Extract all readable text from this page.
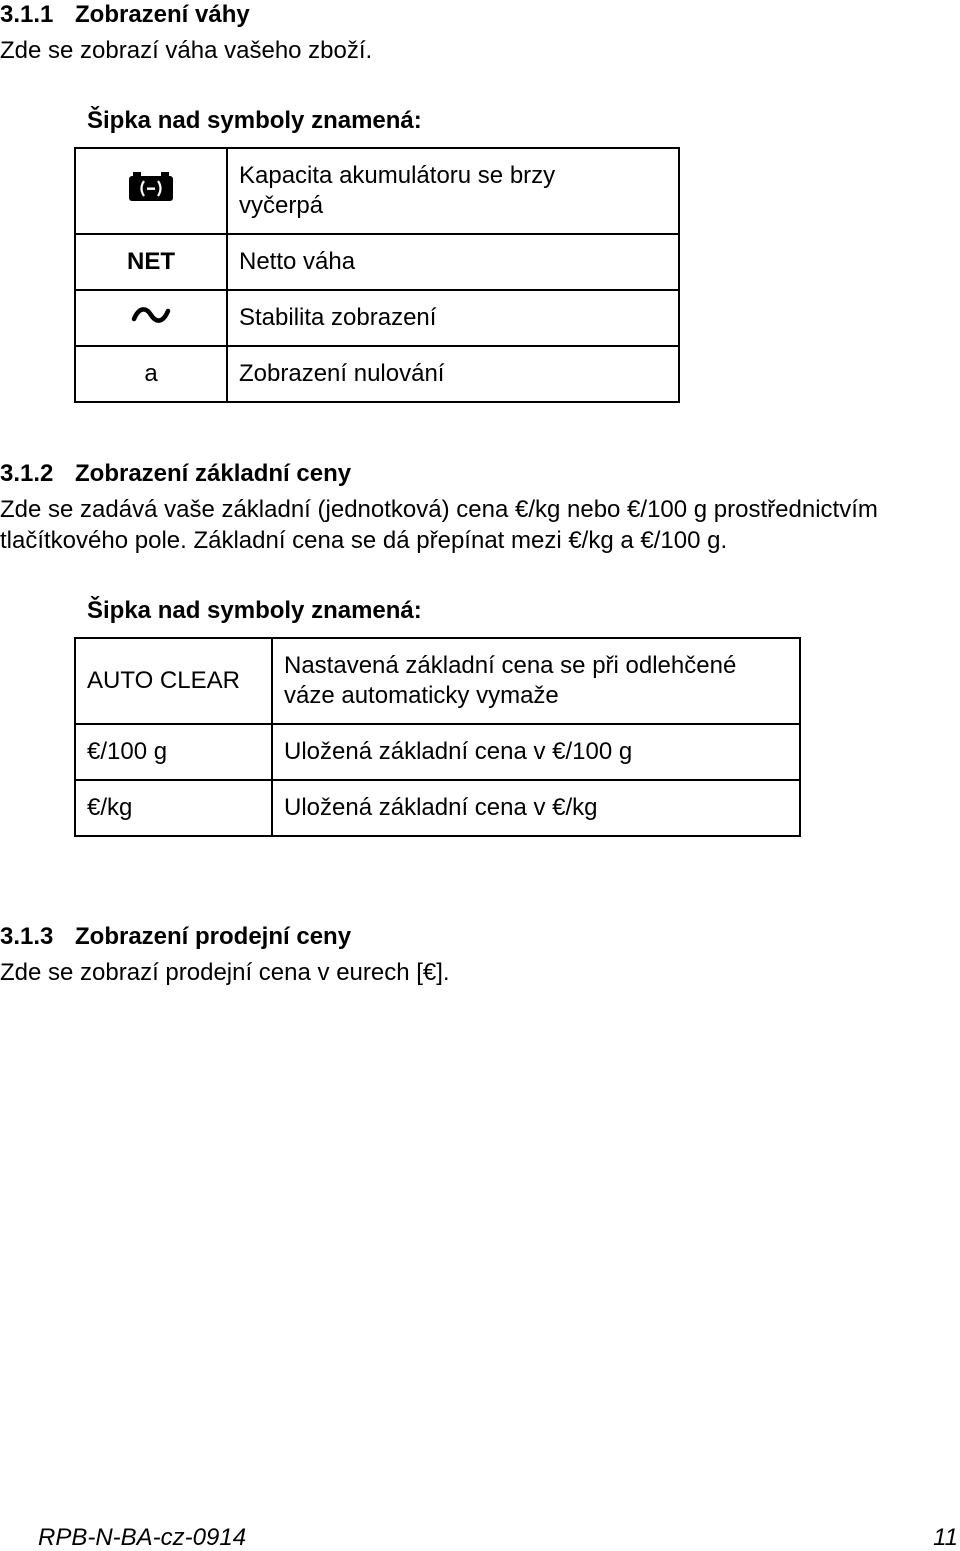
3.1.1 Zobrazení váhy
Zde se zobrazí váha vašeho zboží.
Šipka nad symboly znamená:
	Kapacita akumulátoru se brzy
vyčerpá
NET	Netto váha
	Stabilita zobrazení
a	Zobrazení nulování
3.1.2 Zobrazení základní ceny
Zde se zadává vaše základní (jednotková) cena €/kg nebo €/100 g prostřednictvím
tlačítkového pole. Základní cena se dá přepínat mezi €/kg a €/100 g.
Šipka nad symboly znamená:
AUTO CLEAR	Nastavená základní cena se při odlehčené
váze automaticky vymaže
€/100 g	Uložená základní cena v €/100 g
€/kg	Uložená základní cena v €/kg
3.1.3 Zobrazení prodejní ceny
Zde se zobrazí prodejní cena v eurech [€].
RPB-N-BA-cz-0914	11
